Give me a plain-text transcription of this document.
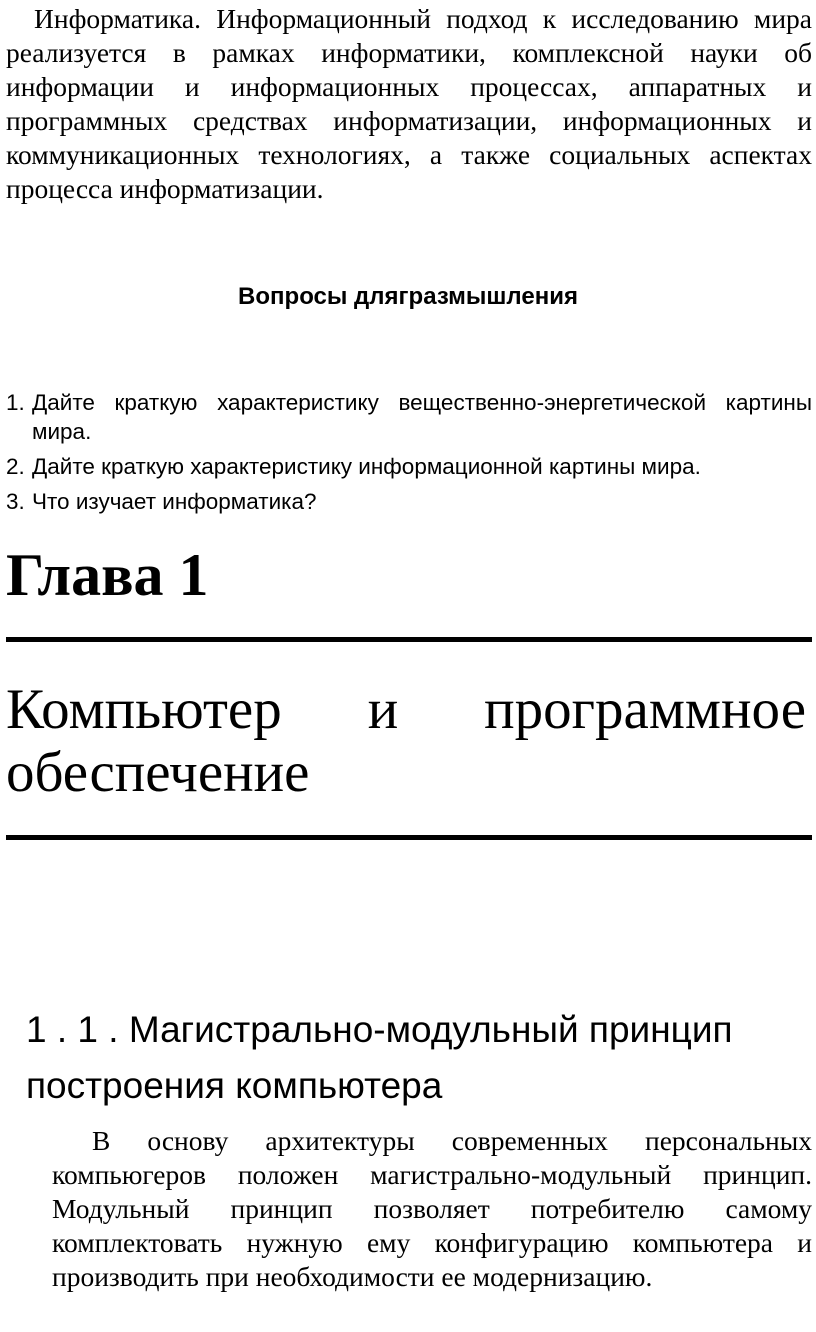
Информатика. Информационный подход к исследованию мира реализуется в рамках информатики, комплексной науки об информации и информационных процессах, аппаратных и программных средствах информатизации, информационных и коммуникационных технологиях, а также социальных аспектах процесса информатизации.

Вопросы длягразмышления
1. Дайте краткую характеристику вещественно-энергетической картины мира.
2. Дайте краткую характеристику информационной картины мира.
3. Что изучает информатика?
Глава 1
Компьютер и программное обеспечение
1 . 1 . Магистрально-модульный принцип построения компьютера

В основу архитектуры современных персональных компьюгеров положен магистрально-модульный принцип. Модульный принцип позволяет потребителю самому комплектовать нужную ему конфигурацию компьютера и производить при необходимости ее модернизацию.
